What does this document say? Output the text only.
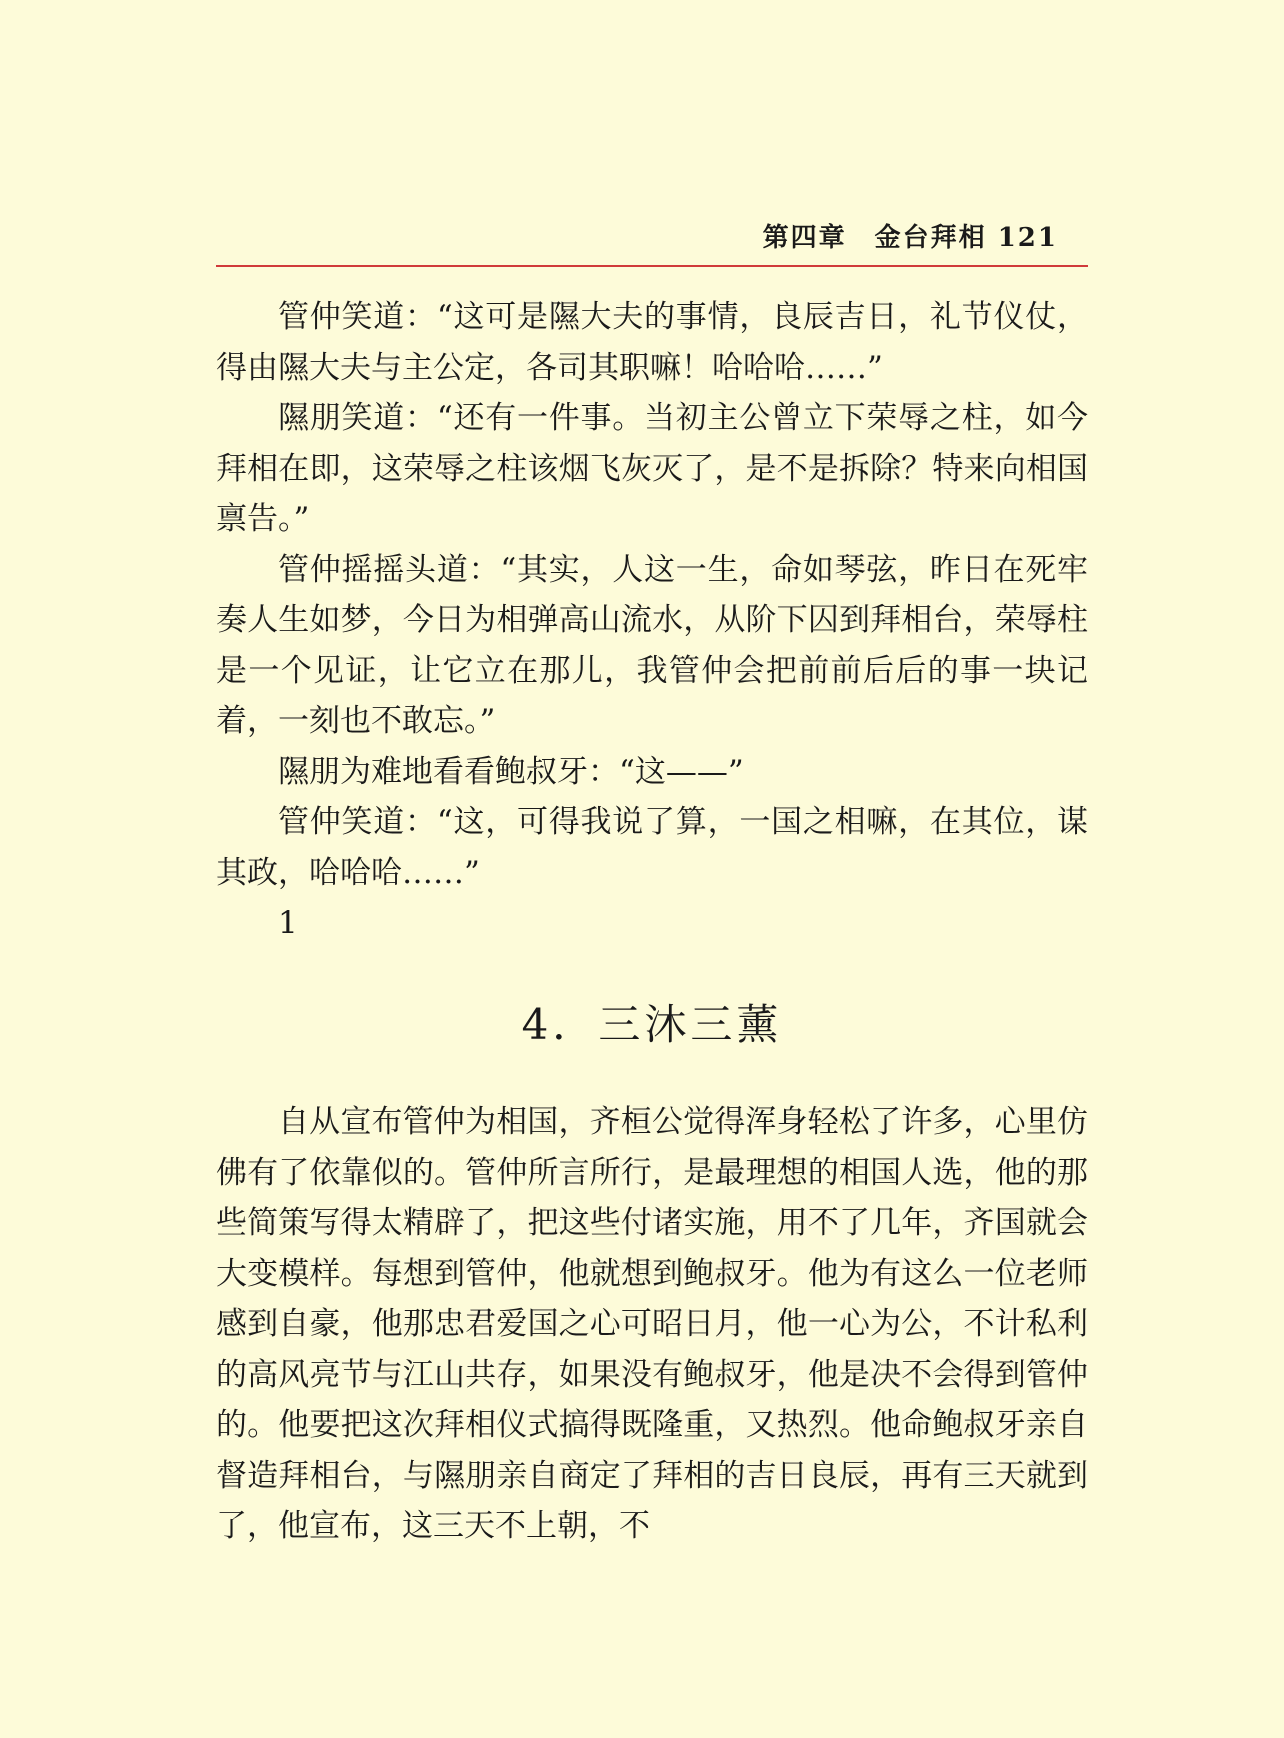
第四章 金台拜相 121

管仲笑道：“这可是隰大夫的事情，良辰吉日，礼节仪仗，得由隰大夫与主公定，各司其职嘛！哈哈哈……”

隰朋笑道：“还有一件事。当初主公曾立下荣辱之柱，如今拜相在即，这荣辱之柱该烟飞灰灭了，是不是拆除？特来向相国禀告。”

管仲摇摇头道：“其实，人这一生，命如琴弦，昨日在死牢奏人生如梦，今日为相弹高山流水，从阶下囚到拜相台，荣辱柱是一个见证，让它立在那儿，我管仲会把前前后后的事一块记着，一刻也不敢忘。”

隰朋为难地看看鲍叔牙：“这——”

管仲笑道：“这，可得我说了算，一国之相嘛，在其位，谋其政，哈哈哈……”

1

4．三沐三薰

自从宣布管仲为相国，齐桓公觉得浑身轻松了许多，心里仿佛有了依靠似的。管仲所言所行，是最理想的相国人选，他的那些简策写得太精辟了，把这些付诸实施，用不了几年，齐国就会大变模样。每想到管仲，他就想到鲍叔牙。他为有这么一位老师感到自豪，他那忠君爱国之心可昭日月，他一心为公，不计私利的高风亮节与江山共存，如果没有鲍叔牙，他是决不会得到管仲的。他要把这次拜相仪式搞得既隆重，又热烈。他命鲍叔牙亲自督造拜相台，与隰朋亲自商定了拜相的吉日良辰，再有三天就到了，他宣布，这三天不上朝，不
